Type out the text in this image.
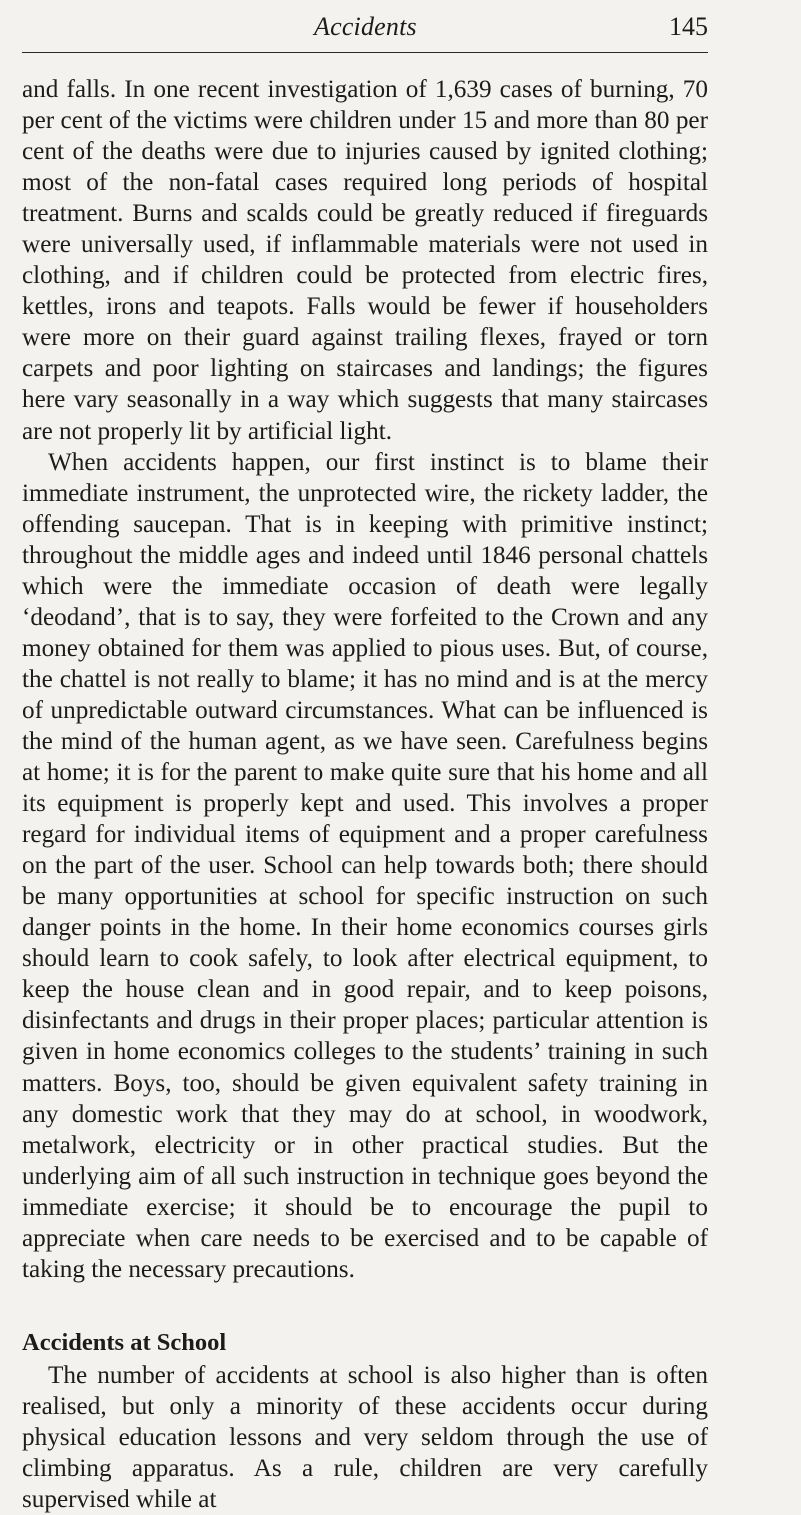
Accidents	145

and falls. In one recent investigation of 1,639 cases of burning, 70 per cent of the victims were children under 15 and more than 80 per cent of the deaths were due to injuries caused by ignited clothing; most of the non-fatal cases required long periods of hospital treatment. Burns and scalds could be greatly reduced if fireguards were universally used, if inflammable materials were not used in clothing, and if children could be protected from electric fires, kettles, irons and teapots. Falls would be fewer if householders were more on their guard against trailing flexes, frayed or torn carpets and poor lighting on staircases and landings; the figures here vary seasonally in a way which suggests that many staircases are not properly lit by artificial light.

When accidents happen, our first instinct is to blame their immediate instrument, the unprotected wire, the rickety ladder, the offending saucepan. That is in keeping with primitive instinct; throughout the middle ages and indeed until 1846 personal chattels which were the immediate occasion of death were legally ‘deodand’, that is to say, they were forfeited to the Crown and any money obtained for them was applied to pious uses. But, of course, the chattel is not really to blame; it has no mind and is at the mercy of unpredictable outward circumstances. What can be influenced is the mind of the human agent, as we have seen. Carefulness begins at home; it is for the parent to make quite sure that his home and all its equipment is properly kept and used. This involves a proper regard for individual items of equipment and a proper carefulness on the part of the user. School can help towards both; there should be many opportunities at school for specific instruction on such danger points in the home. In their home economics courses girls should learn to cook safely, to look after electrical equipment, to keep the house clean and in good repair, and to keep poisons, disinfectants and drugs in their proper places; particular attention is given in home economics colleges to the students’ training in such matters. Boys, too, should be given equivalent safety training in any domestic work that they may do at school, in woodwork, metalwork, electricity or in other practical studies. But the underlying aim of all such instruction in technique goes beyond the immediate exercise; it should be to encourage the pupil to appreciate when care needs to be exercised and to be capable of taking the necessary precautions.

Accidents at School

The number of accidents at school is also higher than is often realised, but only a minority of these accidents occur during physical education lessons and very seldom through the use of climbing apparatus. As a rule, children are very carefully supervised while at
